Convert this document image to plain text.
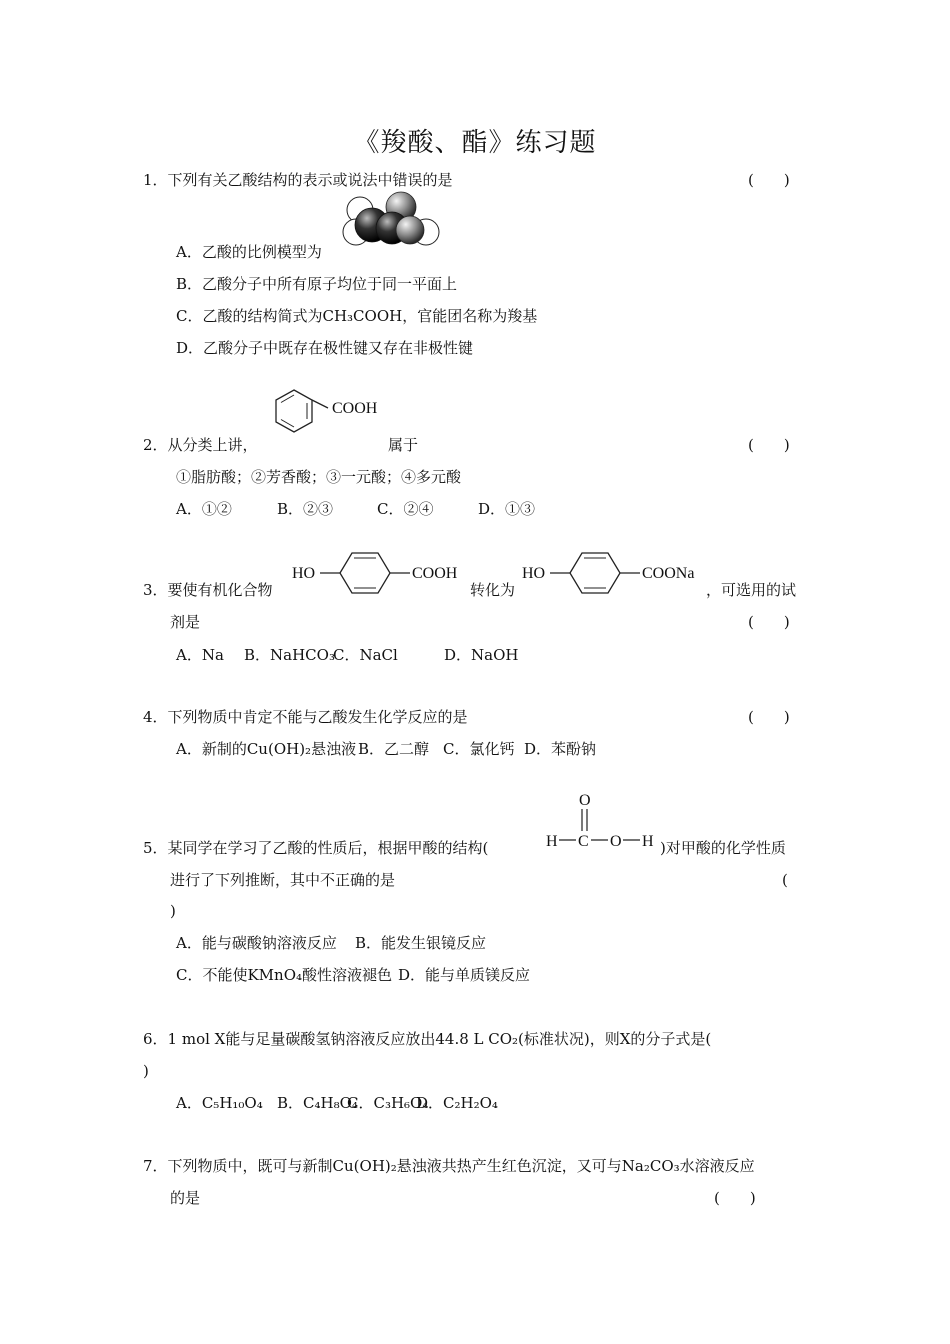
《羧酸、酯》练习题
1．下列有关乙酸结构的表示或说法中错误的是	(　　)
A．乙酸的比例模型为
B．乙酸分子中所有原子均位于同一平面上
C．乙酸的结构简式为CH₃COOH，官能团名称为羧基
D．乙酸分子中既存在极性键又存在非极性键
COOH
2．从分类上讲，	属于	(　　)
①脂肪酸；②芳香酸；③一元酸；④多元酸
A．①②	B．②③	C．②④	D．①③
3．要使有机化合物
HO	COOH
转化为
HO	COONa
，可选用的试
剂是	(　　)
A．Na B．NaHCO₃
C．NaCl	D．NaOH
4．下列物质中肯定不能与乙酸发生化学反应的是	(　　)
A．新制的Cu(OH)₂悬浊液 B．乙二醇 C．氯化钙 D．苯酚钠
5．某同学在学习了乙酸的性质后，根据甲酸的结构(
O
H C O H )对甲酸的化学性质
进行了下列推断，其中不正确的是	(
)
A．能与碳酸钠溶液反应 B．能发生银镜反应
C．不能使KMnO₄酸性溶液褪色 D．能与单质镁反应
6．1 mol X能与足量碳酸氢钠溶液反应放出44.8 L CO₂(标准状况)，则X的分子式是(
)
A．C₅H₁₀O₄ B．C₄H₈O₄
C．C₃H₆O₄
D．C₂H₂O₄
7．下列物质中，既可与新制Cu(OH)₂悬浊液共热产生红色沉淀，又可与Na₂CO₃水溶液反应
的是	(　　)
